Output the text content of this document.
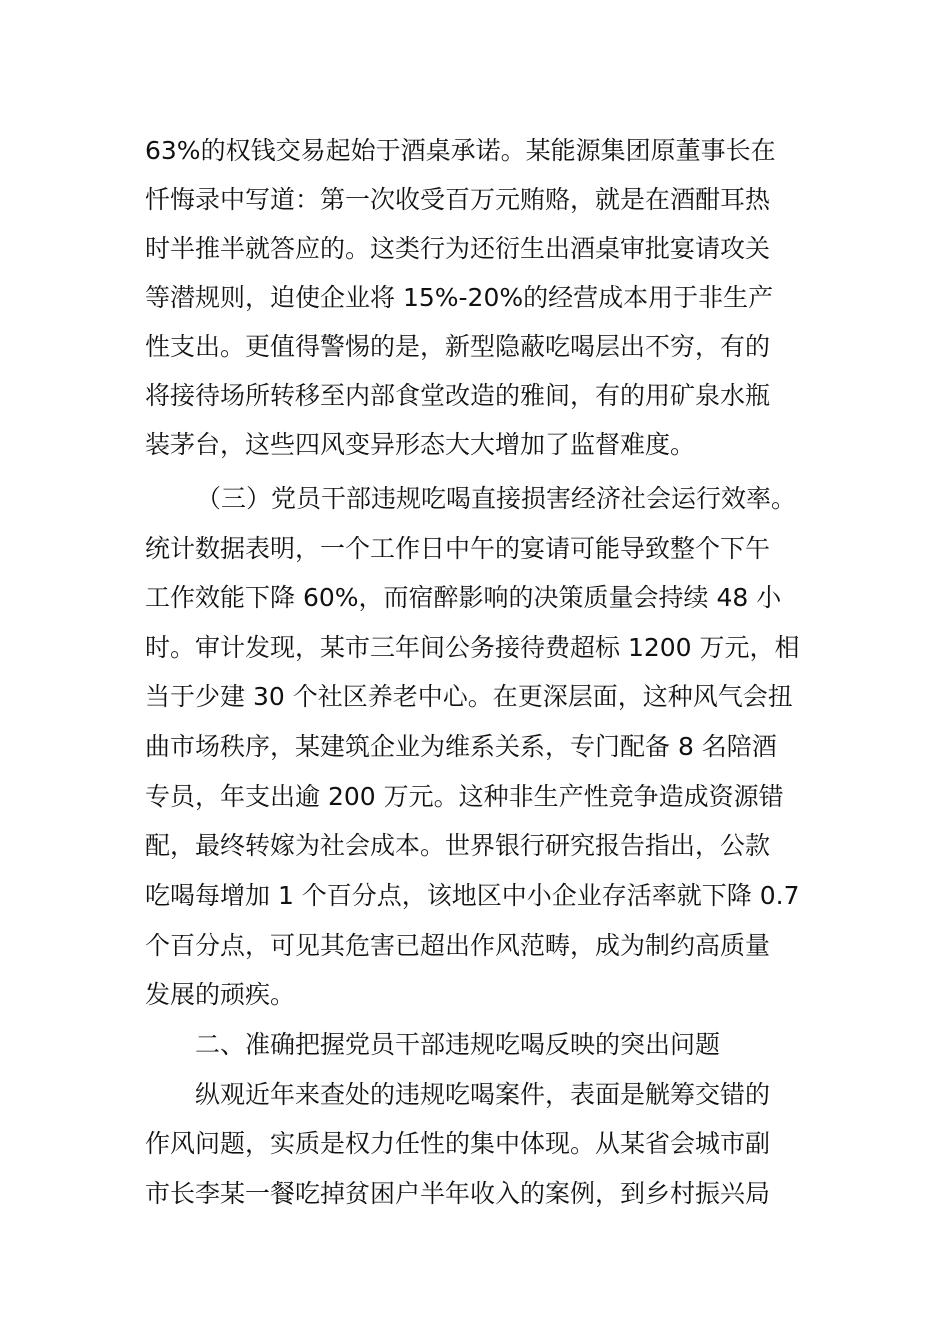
63%的权钱交易起始于酒桌承诺。某能源集团原董事长在
忏悔录中写道：第一次收受百万元贿赂，就是在酒酣耳热
时半推半就答应的。这类行为还衍生出酒桌审批宴请攻关
等潜规则，迫使企业将 15%-20%的经营成本用于非生产
性支出。更值得警惕的是，新型隐蔽吃喝层出不穷，有的
将接待场所转移至内部食堂改造的雅间，有的用矿泉水瓶
装茅台，这些四风变异形态大大增加了监督难度。
（三）党员干部违规吃喝直接损害经济社会运行效率。
统计数据表明，一个工作日中午的宴请可能导致整个下午
工作效能下降 60%，而宿醉影响的决策质量会持续 48 小
时。审计发现，某市三年间公务接待费超标 1200 万元，相
当于少建 30 个社区养老中心。在更深层面，这种风气会扭
曲市场秩序，某建筑企业为维系关系，专门配备 8 名陪酒
专员，年支出逾 200 万元。这种非生产性竞争造成资源错
配，最终转嫁为社会成本。世界银行研究报告指出，公款
吃喝每增加 1 个百分点，该地区中小企业存活率就下降 0.7
个百分点，可见其危害已超出作风范畴，成为制约高质量
发展的顽疾。
二、准确把握党员干部违规吃喝反映的突出问题
纵观近年来查处的违规吃喝案件，表面是觥筹交错的
作风问题，实质是权力任性的集中体现。从某省会城市副
市长李某一餐吃掉贫困户半年收入的案例，到乡村振兴局
